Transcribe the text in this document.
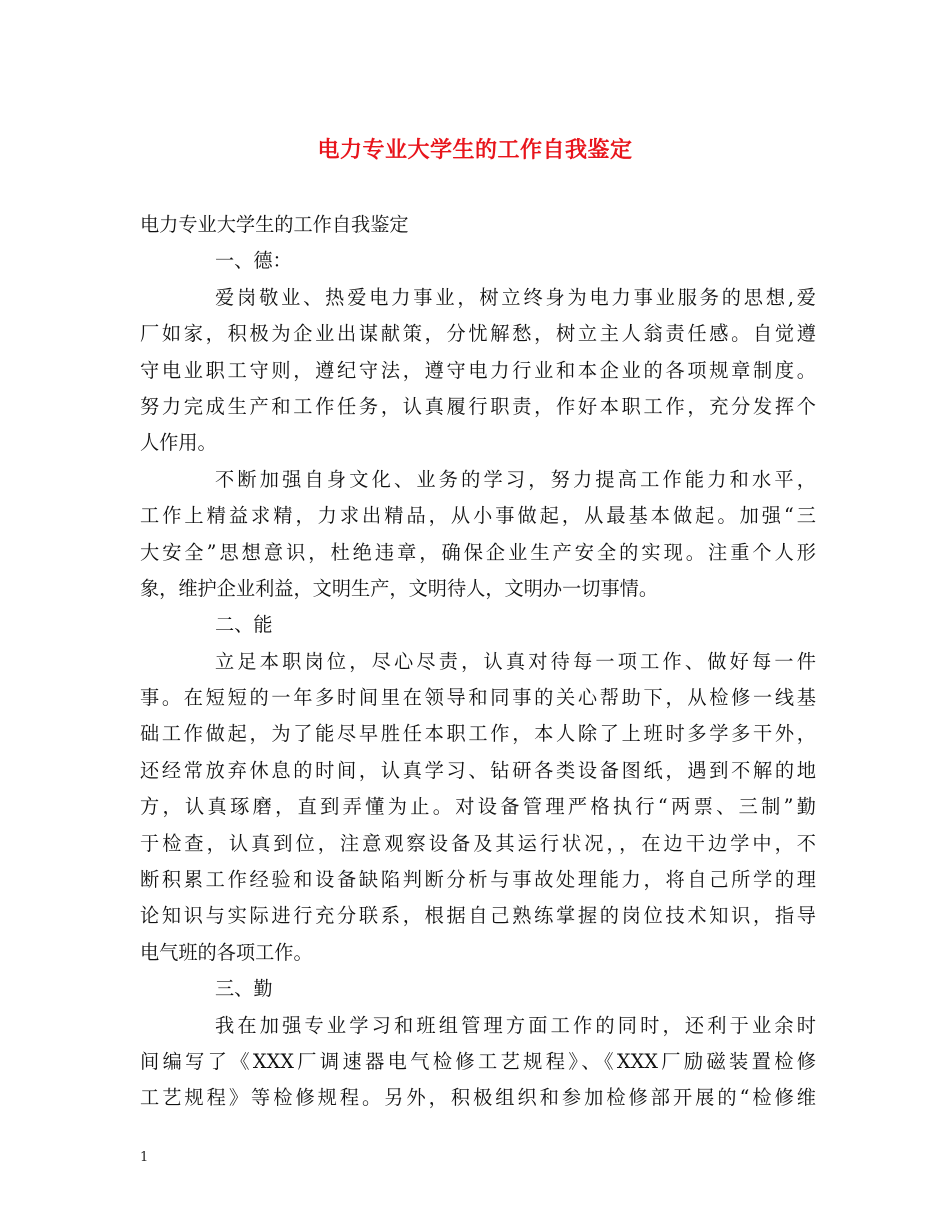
电力专业大学生的工作自我鉴定
电力专业大学生的工作自我鉴定
一、德：
爱岗敬业、热爱电力事业，树立终身为电力事业服务的思想,爱
厂如家，积极为企业出谋献策，分忧解愁，树立主人翁责任感。自觉遵
守电业职工守则，遵纪守法，遵守电力行业和本企业的各项规章制度。
努力完成生产和工作任务，认真履行职责，作好本职工作，充分发挥个
人作用。
不断加强自身文化、业务的学习，努力提高工作能力和水平，
工作上精益求精，力求出精品，从小事做起，从最基本做起。加强“三
大安全”思想意识，杜绝违章，确保企业生产安全的实现。注重个人形
象，维护企业利益，文明生产，文明待人，文明办一切事情。
二、能
立足本职岗位，尽心尽责，认真对待每一项工作、做好每一件
事。在短短的一年多时间里在领导和同事的关心帮助下，从检修一线基
础工作做起，为了能尽早胜任本职工作，本人除了上班时多学多干外，
还经常放弃休息的时间，认真学习、钻研各类设备图纸，遇到不解的地
方，认真琢磨，直到弄懂为止。对设备管理严格执行“两票、三制”勤
于检查，认真到位，注意观察设备及其运行状况，，在边干边学中，不
断积累工作经验和设备缺陷判断分析与事故处理能力，将自己所学的理
论知识与实际进行充分联系，根据自己熟练掌握的岗位技术知识，指导
电气班的各项工作。
三、勤
我在加强专业学习和班组管理方面工作的同时，还利于业余时
间编写了《XXX厂调速器电气检修工艺规程》、《XXX厂励磁装置检修
工艺规程》等检修规程。另外，积极组织和参加检修部开展的“检修维
1
